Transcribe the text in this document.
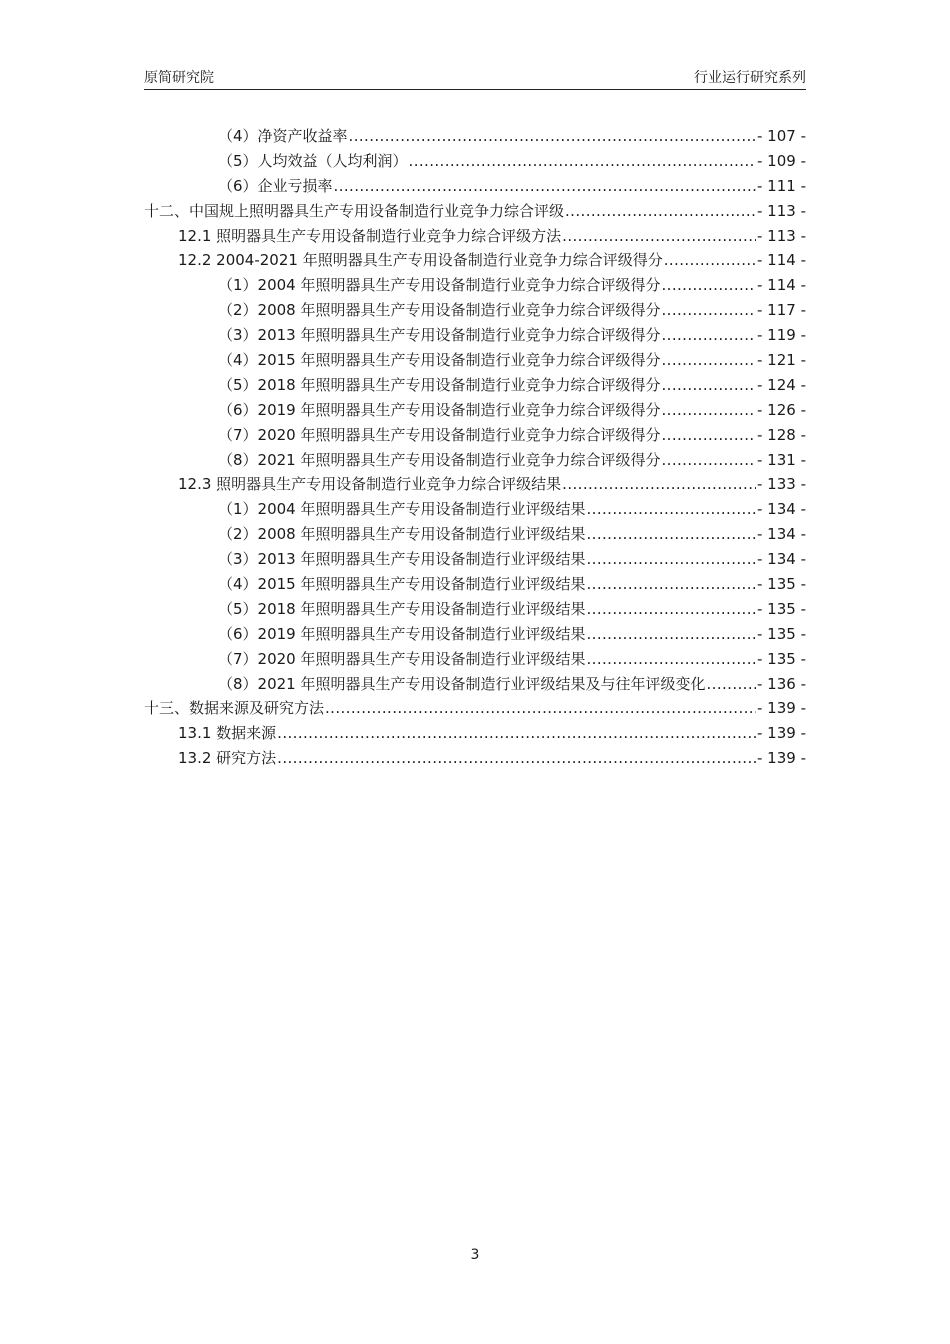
原简研究院	行业运行研究系列
（4）净资产收益率 .....	- 107 -
（5）人均效益（人均利润） .....	- 109 -
（6）企业亏损率 .....	- 111 -
十二、中国规上照明器具生产专用设备制造行业竞争力综合评级 .....	- 113 -
12.1 照明器具生产专用设备制造行业竞争力综合评级方法 .....	- 113 -
12.2 2004-2021 年照明器具生产专用设备制造行业竞争力综合评级得分 .....	- 114 -
（1）2004 年照明器具生产专用设备制造行业竞争力综合评级得分 .....	- 114 -
（2）2008 年照明器具生产专用设备制造行业竞争力综合评级得分 .....	- 117 -
（3）2013 年照明器具生产专用设备制造行业竞争力综合评级得分 .....	- 119 -
（4）2015 年照明器具生产专用设备制造行业竞争力综合评级得分 .....	- 121 -
（5）2018 年照明器具生产专用设备制造行业竞争力综合评级得分 .....	- 124 -
（6）2019 年照明器具生产专用设备制造行业竞争力综合评级得分 .....	- 126 -
（7）2020 年照明器具生产专用设备制造行业竞争力综合评级得分 .....	- 128 -
（8）2021 年照明器具生产专用设备制造行业竞争力综合评级得分 .....	- 131 -
12.3 照明器具生产专用设备制造行业竞争力综合评级结果 .....	- 133 -
（1）2004 年照明器具生产专用设备制造行业评级结果 .....	- 134 -
（2）2008 年照明器具生产专用设备制造行业评级结果 .....	- 134 -
（3）2013 年照明器具生产专用设备制造行业评级结果 .....	- 134 -
（4）2015 年照明器具生产专用设备制造行业评级结果 .....	- 135 -
（5）2018 年照明器具生产专用设备制造行业评级结果 .....	- 135 -
（6）2019 年照明器具生产专用设备制造行业评级结果 .....	- 135 -
（7）2020 年照明器具生产专用设备制造行业评级结果 .....	- 135 -
（8）2021 年照明器具生产专用设备制造行业评级结果及与往年评级变化 .....	- 136 -
十三、数据来源及研究方法 .....	- 139 -
13.1 数据来源 .....	- 139 -
13.2 研究方法 .....	- 139 -
3
